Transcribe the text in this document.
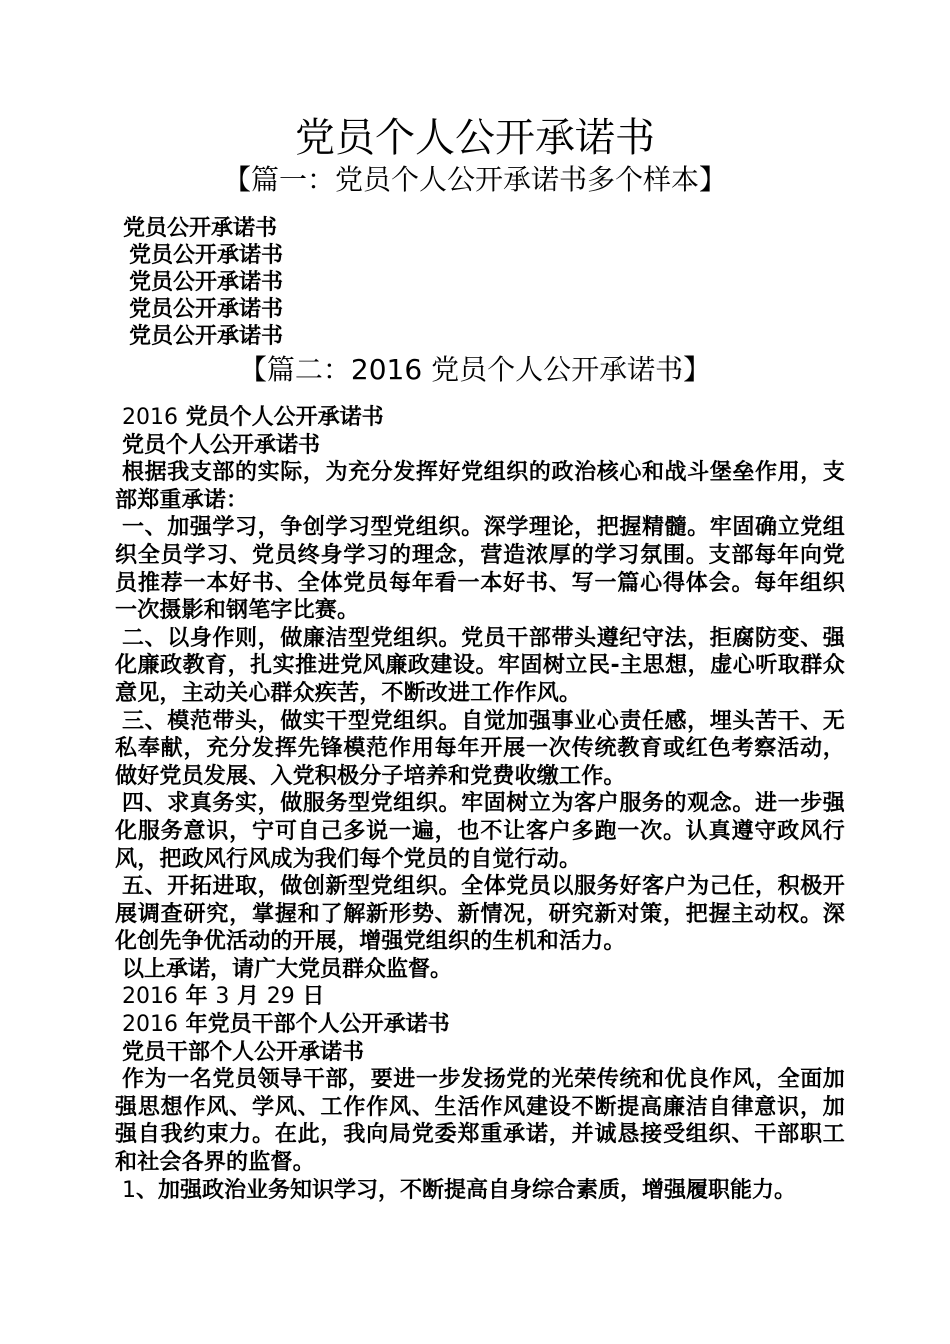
党员个人公开承诺书
【篇一：党员个人公开承诺书多个样本】
党员公开承诺书
党员公开承诺书
党员公开承诺书
党员公开承诺书
党员公开承诺书
【篇二：2016 党员个人公开承诺书】
2016 党员个人公开承诺书
党员个人公开承诺书
根据我支部的实际，为充分发挥好党组织的政治核心和战斗堡垒作用，支部郑重承诺：
一、加强学习，争创学习型党组织。深学理论，把握精髓。牢固确立党组织全员学习、党员终身学习的理念，营造浓厚的学习氛围。支部每年向党员推荐一本好书、全体党员每年看一本好书、写一篇心得体会。每年组织一次摄影和钢笔字比赛。
二、以身作则，做廉洁型党组织。党员干部带头遵纪守法，拒腐防变、强化廉政教育，扎实推进党风廉政建设。牢固树立民-主思想，虚心听取群众意见，主动关心群众疾苦，不断改进工作作风。
三、模范带头，做实干型党组织。自觉加强事业心责任感，埋头苦干、无私奉献，充分发挥先锋模范作用每年开展一次传统教育或红色考察活动，做好党员发展、入党积极分子培养和党费收缴工作。
四、求真务实，做服务型党组织。牢固树立为客户服务的观念。进一步强化服务意识，宁可自己多说一遍，也不让客户多跑一次。认真遵守政风行风，把政风行风成为我们每个党员的自觉行动。
五、开拓进取，做创新型党组织。全体党员以服务好客户为己任，积极开展调查研究，掌握和了解新形势、新情况，研究新对策，把握主动权。深化创先争优活动的开展，增强党组织的生机和活力。
以上承诺，请广大党员群众监督。
2016 年 3 月 29 日
2016 年党员干部个人公开承诺书
党员干部个人公开承诺书
作为一名党员领导干部，要进一步发扬党的光荣传统和优良作风，全面加强思想作风、学风、工作作风、生活作风建设不断提高廉洁自律意识，加强自我约束力。在此，我向局党委郑重承诺，并诚恳接受组织、干部职工和社会各界的监督。
1、加强政治业务知识学习，不断提高自身综合素质，增强履职能力。
